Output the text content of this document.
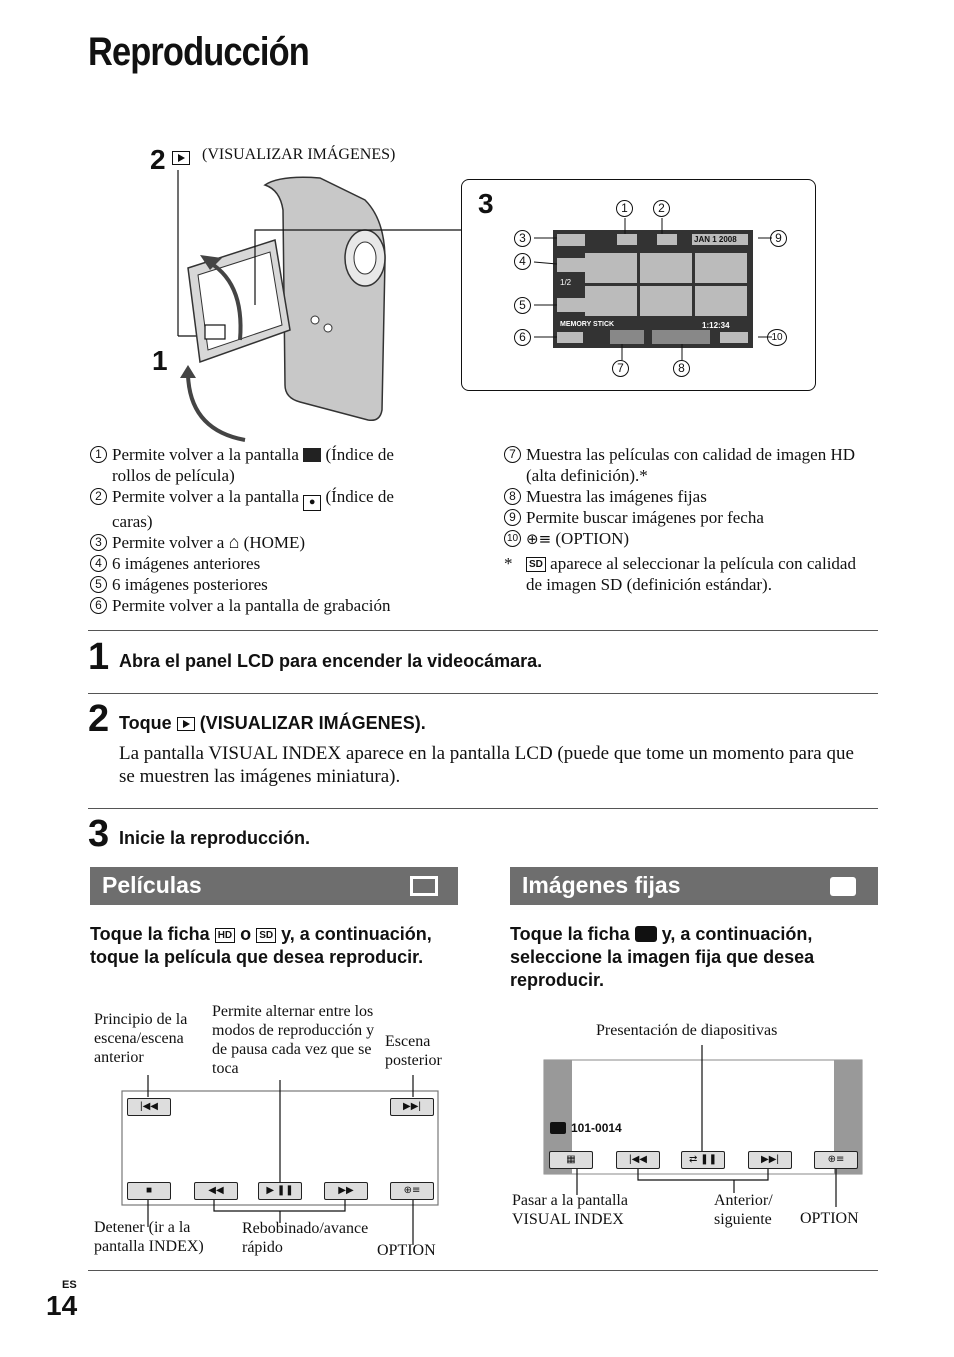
Reproducción
2 (VISUALIZAR IMÁGENES)
1
3
1/2
JAN 1 2008
MEMORY STICK	1:12:34
1	2
3
4
5
6
7	8
9
10
1 Permite volver a la pantalla (Índice de rollos de película)
2 Permite volver a la pantalla ● (Índice de caras)
3 Permite volver a ⌂ (HOME)
4 6 imágenes anteriores
5 6 imágenes posteriores
6 Permite volver a la pantalla de grabación
7 Muestra las películas con calidad de imagen HD (alta definición).*
8 Muestra las imágenes fijas
9 Permite buscar imágenes por fecha
10 ⊕≡ (OPTION)
* SD aparece al seleccionar la película con calidad de imagen SD (definición estándar).
1 Abra el panel LCD para encender la videocámara.
2 Toque (VISUALIZAR IMÁGENES).
La pantalla VISUAL INDEX aparece en la pantalla LCD (puede que tome un momento para que se muestren las imágenes miniatura).
3 Inicie la reproducción.
Películas
Toque la ficha HD o SD y, a continuación, toque la película que desea reproducir.
Principio de la escena/escena anterior
Permite alternar entre los modos de reproducción y de pausa cada vez que se toca
Escena posterior
|◀◀	▶▶|
■	◀◀	▶ ❚❚	▶▶	⊕≡
Detener (ir a la pantalla INDEX)
Rebobinado/avance rápido	OPTION
Imágenes fijas
Toque la ficha y, a continuación, seleccione la imagen fija que desea reproducir.
Presentación de diapositivas
101-0014
▦	|◀◀	⇄ ❚❚	▶▶|	⊕≡
Pasar a la pantalla VISUAL INDEX
Anterior/ siguiente	OPTION
ES
14
